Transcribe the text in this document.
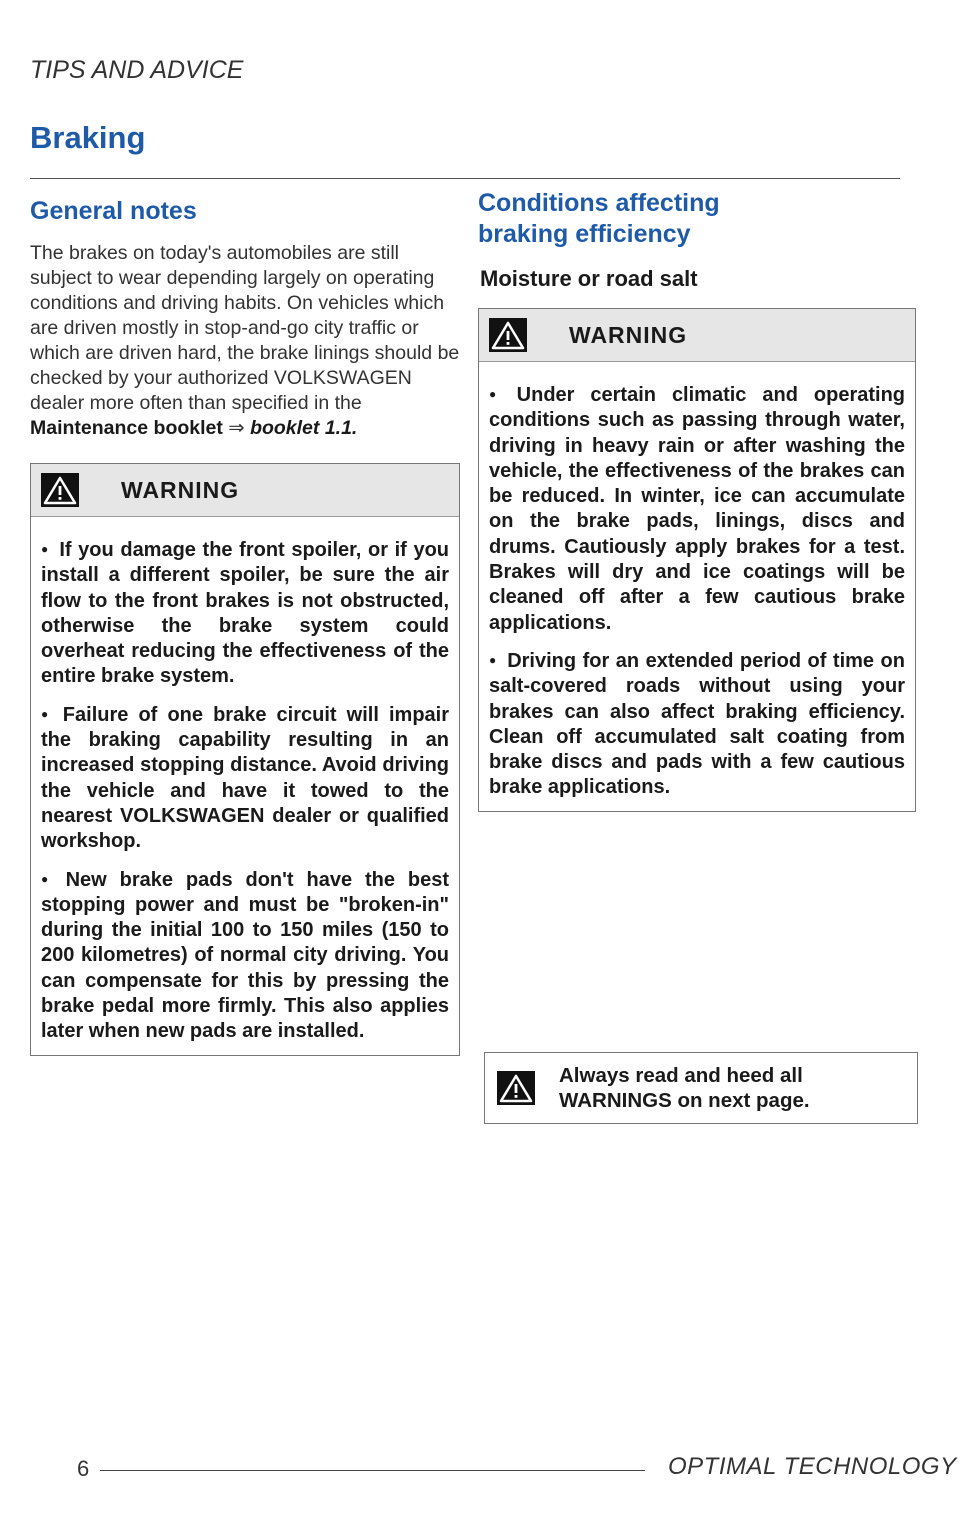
TIPS AND ADVICE
Braking
General notes

The brakes on today's automobiles are still subject to wear depending largely on operating conditions and driving habits. On vehicles which are driven mostly in stop-and-go city traffic or which are driven hard, the brake linings should be checked by your authorized VOLKSWAGEN dealer more often than specified in the Maintenance booklet ⇒ booklet 1.1.

WARNING

● If you damage the front spoiler, or if you install a different spoiler, be sure the air flow to the front brakes is not obstructed, otherwise the brake system could overheat reducing the effectiveness of the entire brake system.

● Failure of one brake circuit will impair the braking capability resulting in an increased stopping distance. Avoid driving the vehicle and have it towed to the nearest VOLKSWAGEN dealer or qualified workshop.

● New brake pads don't have the best stopping power and must be "broken-in" during the initial 100 to 150 miles (150 to 200 kilometres) of normal city driving. You can compensate for this by pressing the brake pedal more firmly. This also applies later when new pads are installed.

Conditions affecting
braking efficiency
Moisture or road salt
WARNING

● Under certain climatic and operating conditions such as passing through water, driving in heavy rain or after washing the vehicle, the effectiveness of the brakes can be reduced. In winter, ice can accumulate on the brake pads, linings, discs and drums. Cautiously apply brakes for a test. Brakes will dry and ice coatings will be cleaned off after a few cautious brake applications.

● Driving for an extended period of time on salt-covered roads without using your brakes can also affect braking efficiency. Clean off accumulated salt coating from brake discs and pads with a few cautious brake applications.

Always read and heed all
WARNINGS on next page.
6	OPTIMAL TECHNOLOGY
